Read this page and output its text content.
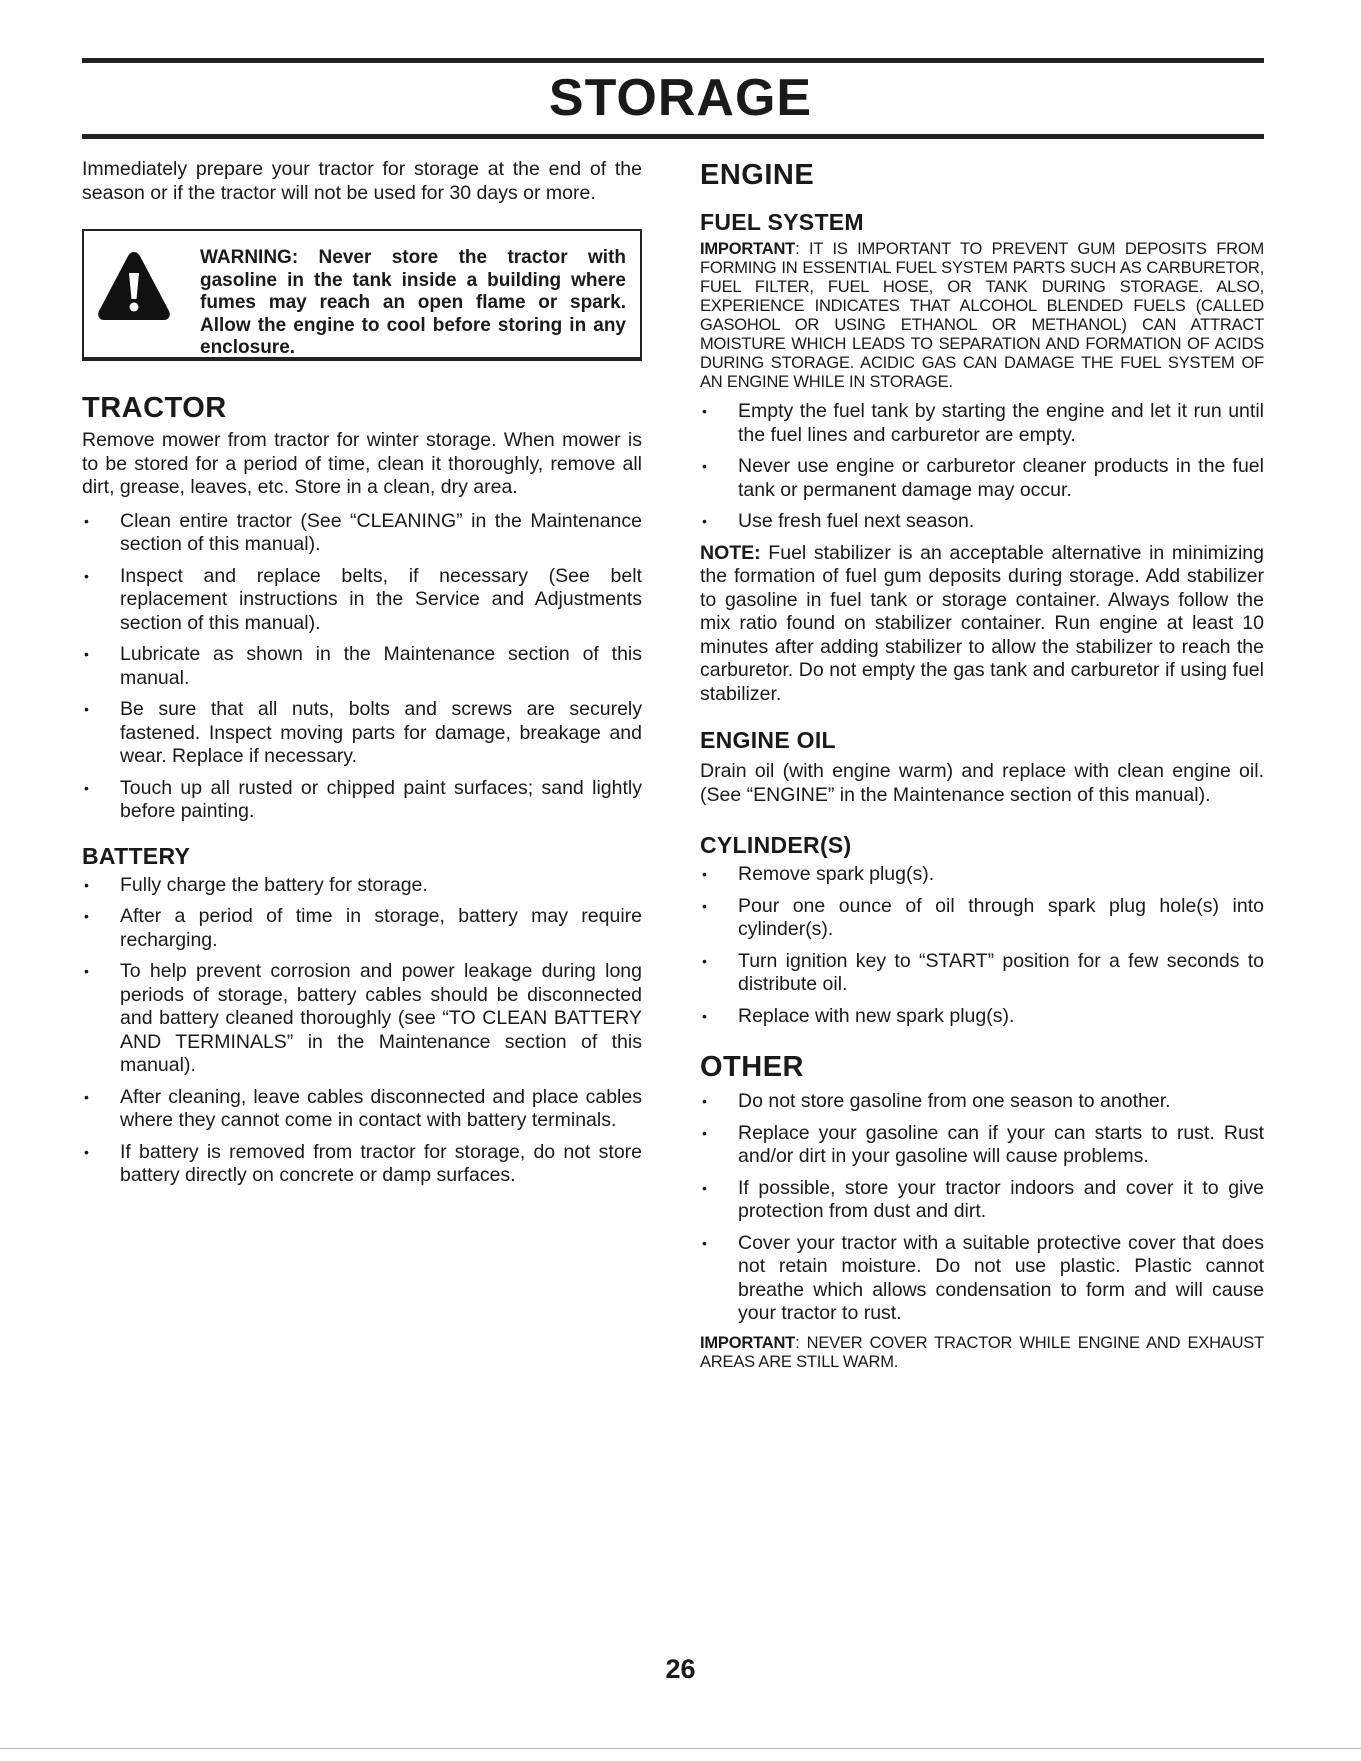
STORAGE

Immediately prepare your tractor for storage at the end of the season or if the tractor will not be used for 30 days or more.

WARNING: Never store the tractor with gasoline in the tank inside a building where fumes may reach an open flame or spark. Allow the engine to cool before storing in any enclosure.
TRACTOR

Remove mower from tractor for winter storage. When mower is to be stored for a period of time, clean it thoroughly, remove all dirt, grease, leaves, etc. Store in a clean, dry area.

• Clean entire tractor (See “CLEANING” in the Maintenance section of this manual).
• Inspect and replace belts, if necessary (See belt replacement instructions in the Service and Adjustments section of this manual).
• Lubricate as shown in the Maintenance section of this manual.
• Be sure that all nuts, bolts and screws are securely fastened. Inspect moving parts for damage, breakage and wear. Replace if necessary.
• Touch up all rusted or chipped paint surfaces; sand lightly before painting.
BATTERY
• Fully charge the battery for storage.
• After a period of time in storage, battery may require recharging.
• To help prevent corrosion and power leakage during long periods of storage, battery cables should be disconnected and battery cleaned thoroughly (see “TO CLEAN BATTERY AND TERMINALS” in the Maintenance section of this manual).
• After cleaning, leave cables disconnected and place cables where they cannot come in contact with battery terminals.
• If battery is removed from tractor for storage, do not store battery directly on concrete or damp surfaces.
ENGINE
FUEL SYSTEM

IMPORTANT: IT IS IMPORTANT TO PREVENT GUM DEPOSITS FROM FORMING IN ESSENTIAL FUEL SYSTEM PARTS SUCH AS CARBURETOR, FUEL FILTER, FUEL HOSE, OR TANK DURING STORAGE. ALSO, EXPERIENCE INDICATES THAT ALCOHOL BLENDED FUELS (CALLED GASOHOL OR USING ETHANOL OR METHANOL) CAN ATTRACT MOISTURE WHICH LEADS TO SEPARATION AND FORMATION OF ACIDS DURING STORAGE. ACIDIC GAS CAN DAMAGE THE FUEL SYSTEM OF AN ENGINE WHILE IN STORAGE.

• Empty the fuel tank by starting the engine and let it run until the fuel lines and carburetor are empty.
• Never use engine or carburetor cleaner products in the fuel tank or permanent damage may occur.
• Use fresh fuel next season.

NOTE: Fuel stabilizer is an acceptable alternative in minimizing the formation of fuel gum deposits during storage. Add stabilizer to gasoline in fuel tank or storage container. Always follow the mix ratio found on stabilizer container. Run engine at least 10 minutes after adding stabilizer to allow the stabilizer to reach the carburetor. Do not empty the gas tank and carburetor if using fuel stabilizer.

ENGINE OIL

Drain oil (with engine warm) and replace with clean engine oil. (See “ENGINE” in the Maintenance section of this manual).

CYLINDER(S)
• Remove spark plug(s).
• Pour one ounce of oil through spark plug hole(s) into cylinder(s).
• Turn ignition key to “START” position for a few seconds to distribute oil.
• Replace with new spark plug(s).
OTHER
• Do not store gasoline from one season to another.
• Replace your gasoline can if your can starts to rust. Rust and/or dirt in your gasoline will cause problems.
• If possible, store your tractor indoors and cover it to give protection from dust and dirt.
• Cover your tractor with a suitable protective cover that does not retain moisture. Do not use plastic. Plastic cannot breathe which allows condensation to form and will cause your tractor to rust.

IMPORTANT: NEVER COVER TRACTOR WHILE ENGINE AND EXHAUST AREAS ARE STILL WARM.

26
